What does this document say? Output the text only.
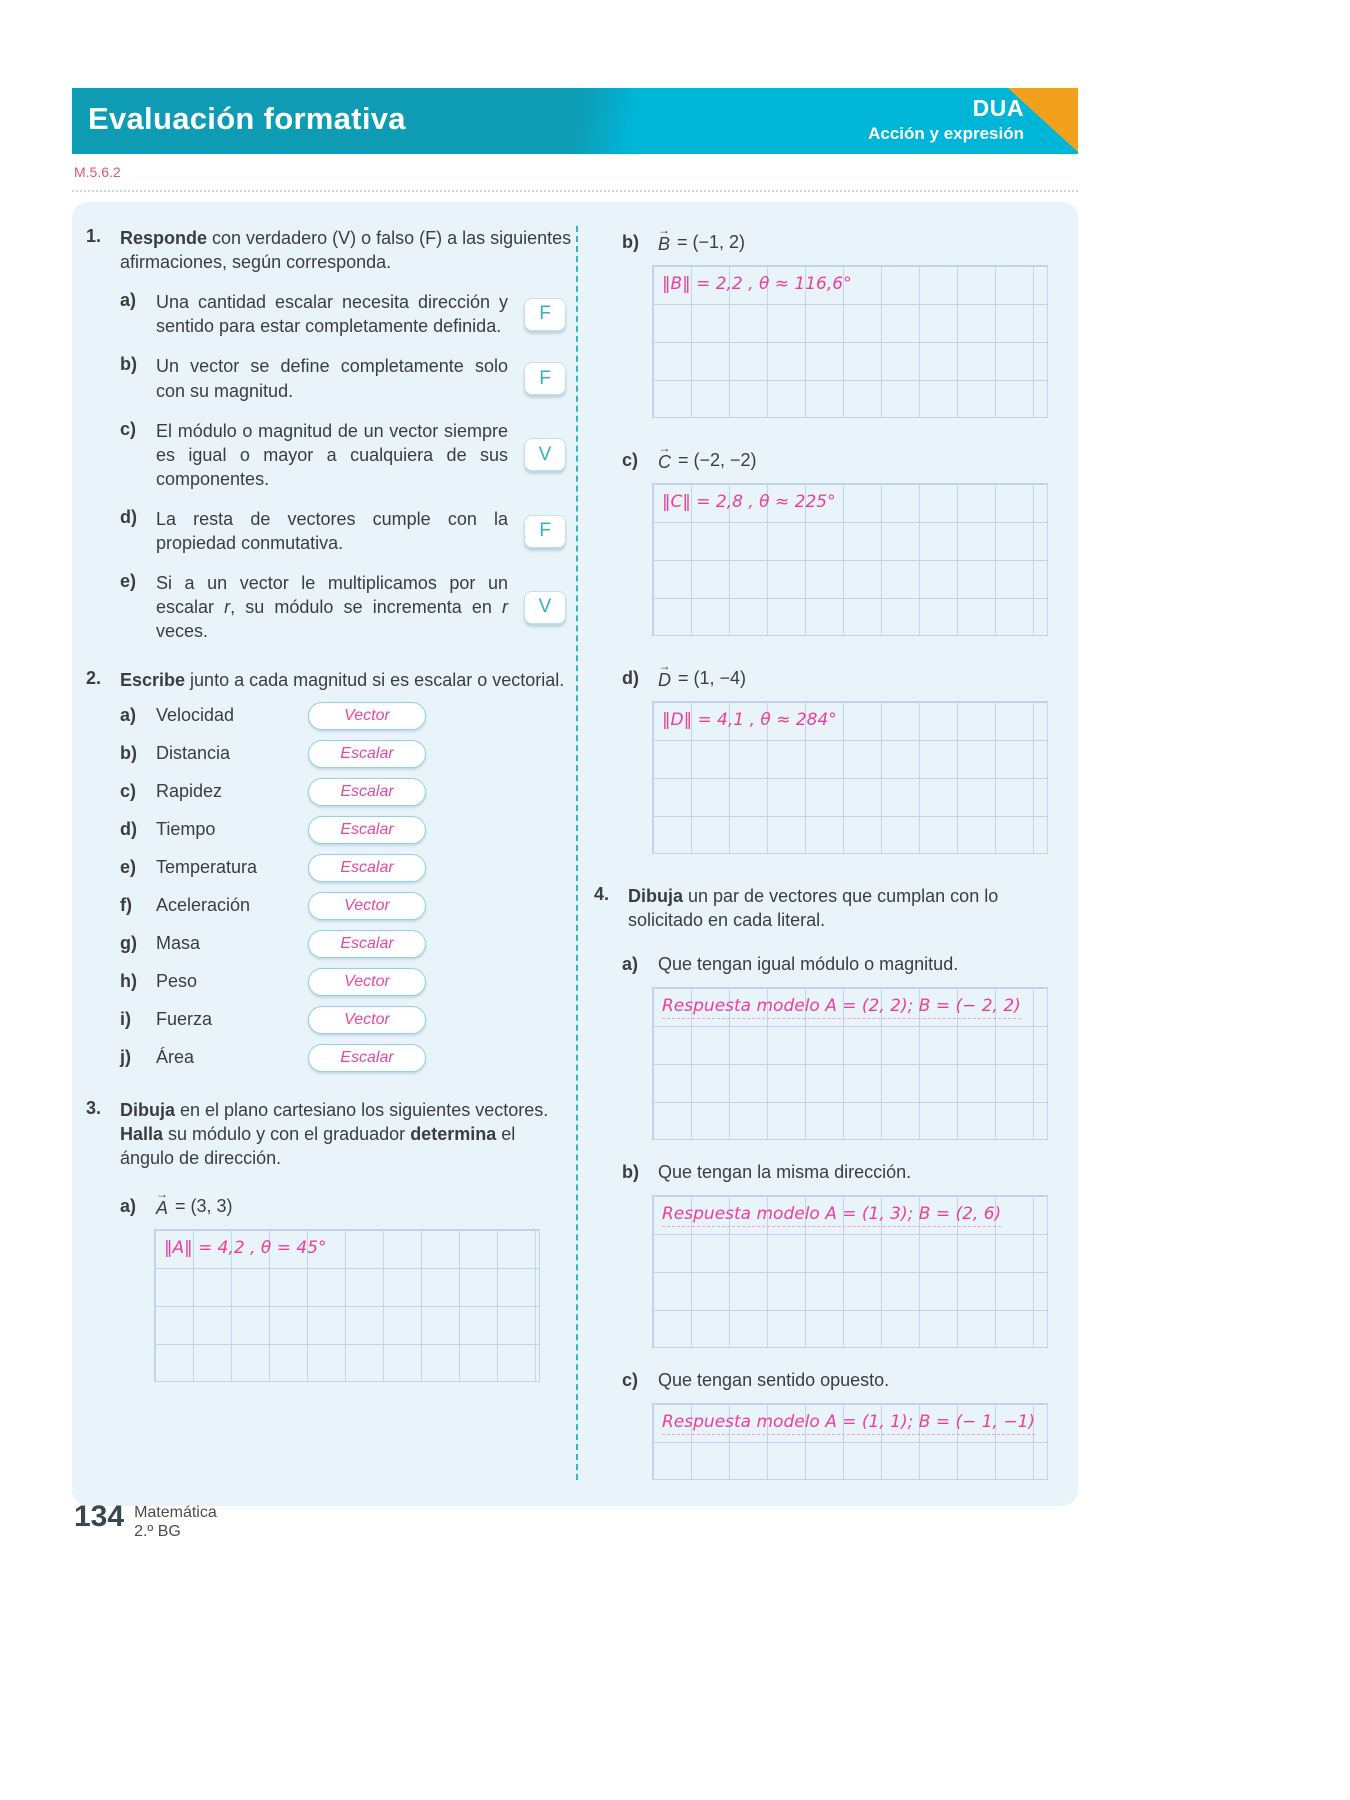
Evaluación formativa	DUA
Acción y expresión
M.5.6.2
1.	Responde con verdadero (V) o falso (F) a las siguientes afirmaciones, según corresponda.

a)	Una cantidad escalar necesita dirección y sentido para estar completamente definida.

F
b)	Un vector se define completamente solo con su magnitud.

F
c)	El módulo o magnitud de un vector siempre es igual o mayor a cualquiera de sus componentes.

V
d)	La resta de vectores cumple con la propiedad conmutativa.

F
e)	Si a un vector le multiplicamos por un escalar r, su módulo se incrementa en r veces.

V
2.	Escribe junto a cada magnitud si es escalar o vectorial.

a)	Velocidad	Vector
b)	Distancia	Escalar
c)	Rapidez	Escalar
d)	Tiempo	Escalar
e)	Temperatura	Escalar
f)	Aceleración	Vector
g)	Masa	Escalar
h)	Peso	Vector
i)	Fuerza	Vector
j)	Área	Escalar
3.	Dibuja en el plano cartesiano los siguientes vectores. Halla su módulo y con el graduador determina el ángulo de dirección.

a)
→
A = (3, 3)
‖A‖ = 4,2 , θ = 45°
b)
→
B = (−1, 2)
‖B‖ = 2,2 , θ ≈ 116,6°
c)
→
C = (−2, −2)
‖C‖ = 2,8 , θ ≈ 225°
d)
→
D = (1, −4)
‖D‖ = 4,1 , θ ≈ 284°
4.	Dibuja un par de vectores que cumplan con lo solicitado en cada literal.

a)	Que tengan igual módulo o magnitud.
Respuesta modelo A = (2, 2); B = (− 2, 2)
b)	Que tengan la misma dirección.
Respuesta modelo A = (1, 3); B = (2, 6)
c)	Que tengan sentido opuesto.
Respuesta modelo A = (1, 1); B = (− 1, −1)
134 Matemática
2.º BG
